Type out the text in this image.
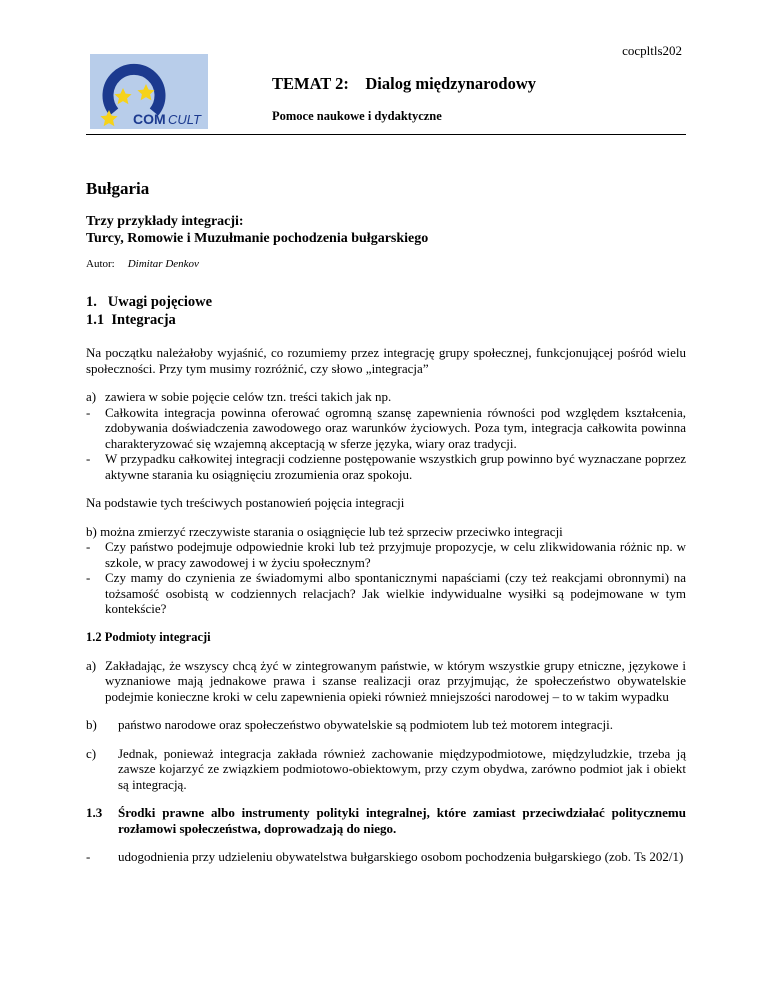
cocpltls202
COM CULT
TEMAT 2: Dialog międzynarodowy
Pomoce naukowe i dydaktyczne
Bułgaria
Trzy przykłady integracji:
Turcy, Romowie i Muzułmanie pochodzenia bułgarskiego
Autor: Dimitar Denkov
1. Uwagi pojęciowe
1.1 Integracja

Na początku należałoby wyjaśnić, co rozumiemy przez integrację grupy społecznej, funkcjonującej pośród wielu społeczności. Przy tym musimy rozróżnić, czy słowo „integracja”

a) zawiera w sobie pojęcie celów tzn. treści takich jak np.
-	Całkowita integracja powinna oferować ogromną szansę zapewnienia równości pod względem kształcenia, zdobywania doświadczenia zawodowego oraz warunków życiowych. Poza tym, integracja całkowita powinna charakteryzować się wzajemną akceptacją w sferze języka, wiary oraz tradycji.
-	W przypadku całkowitej integracji codzienne postępowanie wszystkich grup powinno być wyznaczane poprzez aktywne starania ku osiągnięciu zrozumienia oraz spokoju.

Na podstawie tych treściwych postanowień pojęcia integracji

b) można zmierzyć rzeczywiste starania o osiągnięcie lub też sprzeciw przeciwko integracji
-	Czy państwo podejmuje odpowiednie kroki lub też przyjmuje propozycje, w celu zlikwidowania różnic np. w szkole, w pracy zawodowej i w życiu społecznym?
-	Czy mamy do czynienia ze świadomymi albo spontanicznymi napaściami (czy też reakcjami obronnymi) na tożsamość osobistą w codziennych relacjach? Jak wielkie indywidualne wysiłki są podejmowane w tym kontekście?
1.2 Podmioty integracji
a) Zakładając, że wszyscy chcą żyć w zintegrowanym państwie, w którym wszystkie grupy etniczne, językowe i wyznaniowe mają jednakowe prawa i szanse realizacji oraz przyjmując, że społeczeństwo obywatelskie podejmie konieczne kroki w celu zapewnienia opieki również mniejszości narodowej – to w takim wypadku
b)	państwo narodowe oraz społeczeństwo obywatelskie są podmiotem lub też motorem integracji.
c)	Jednak, ponieważ integracja zakłada również zachowanie międzypodmiotowe, międzyludzkie, trzeba ją zawsze kojarzyć ze związkiem podmiotowo-obiektowym, przy czym obydwa, zarówno podmiot jak i obiekt są integracją.
1.3	Środki prawne albo instrumenty polityki integralnej, które zamiast przeciwdziałać politycznemu rozłamowi społeczeństwa, doprowadzają do niego.
-	udogodnienia przy udzieleniu obywatelstwa bułgarskiego osobom pochodzenia bułgarskiego (zob. Ts 202/1)
